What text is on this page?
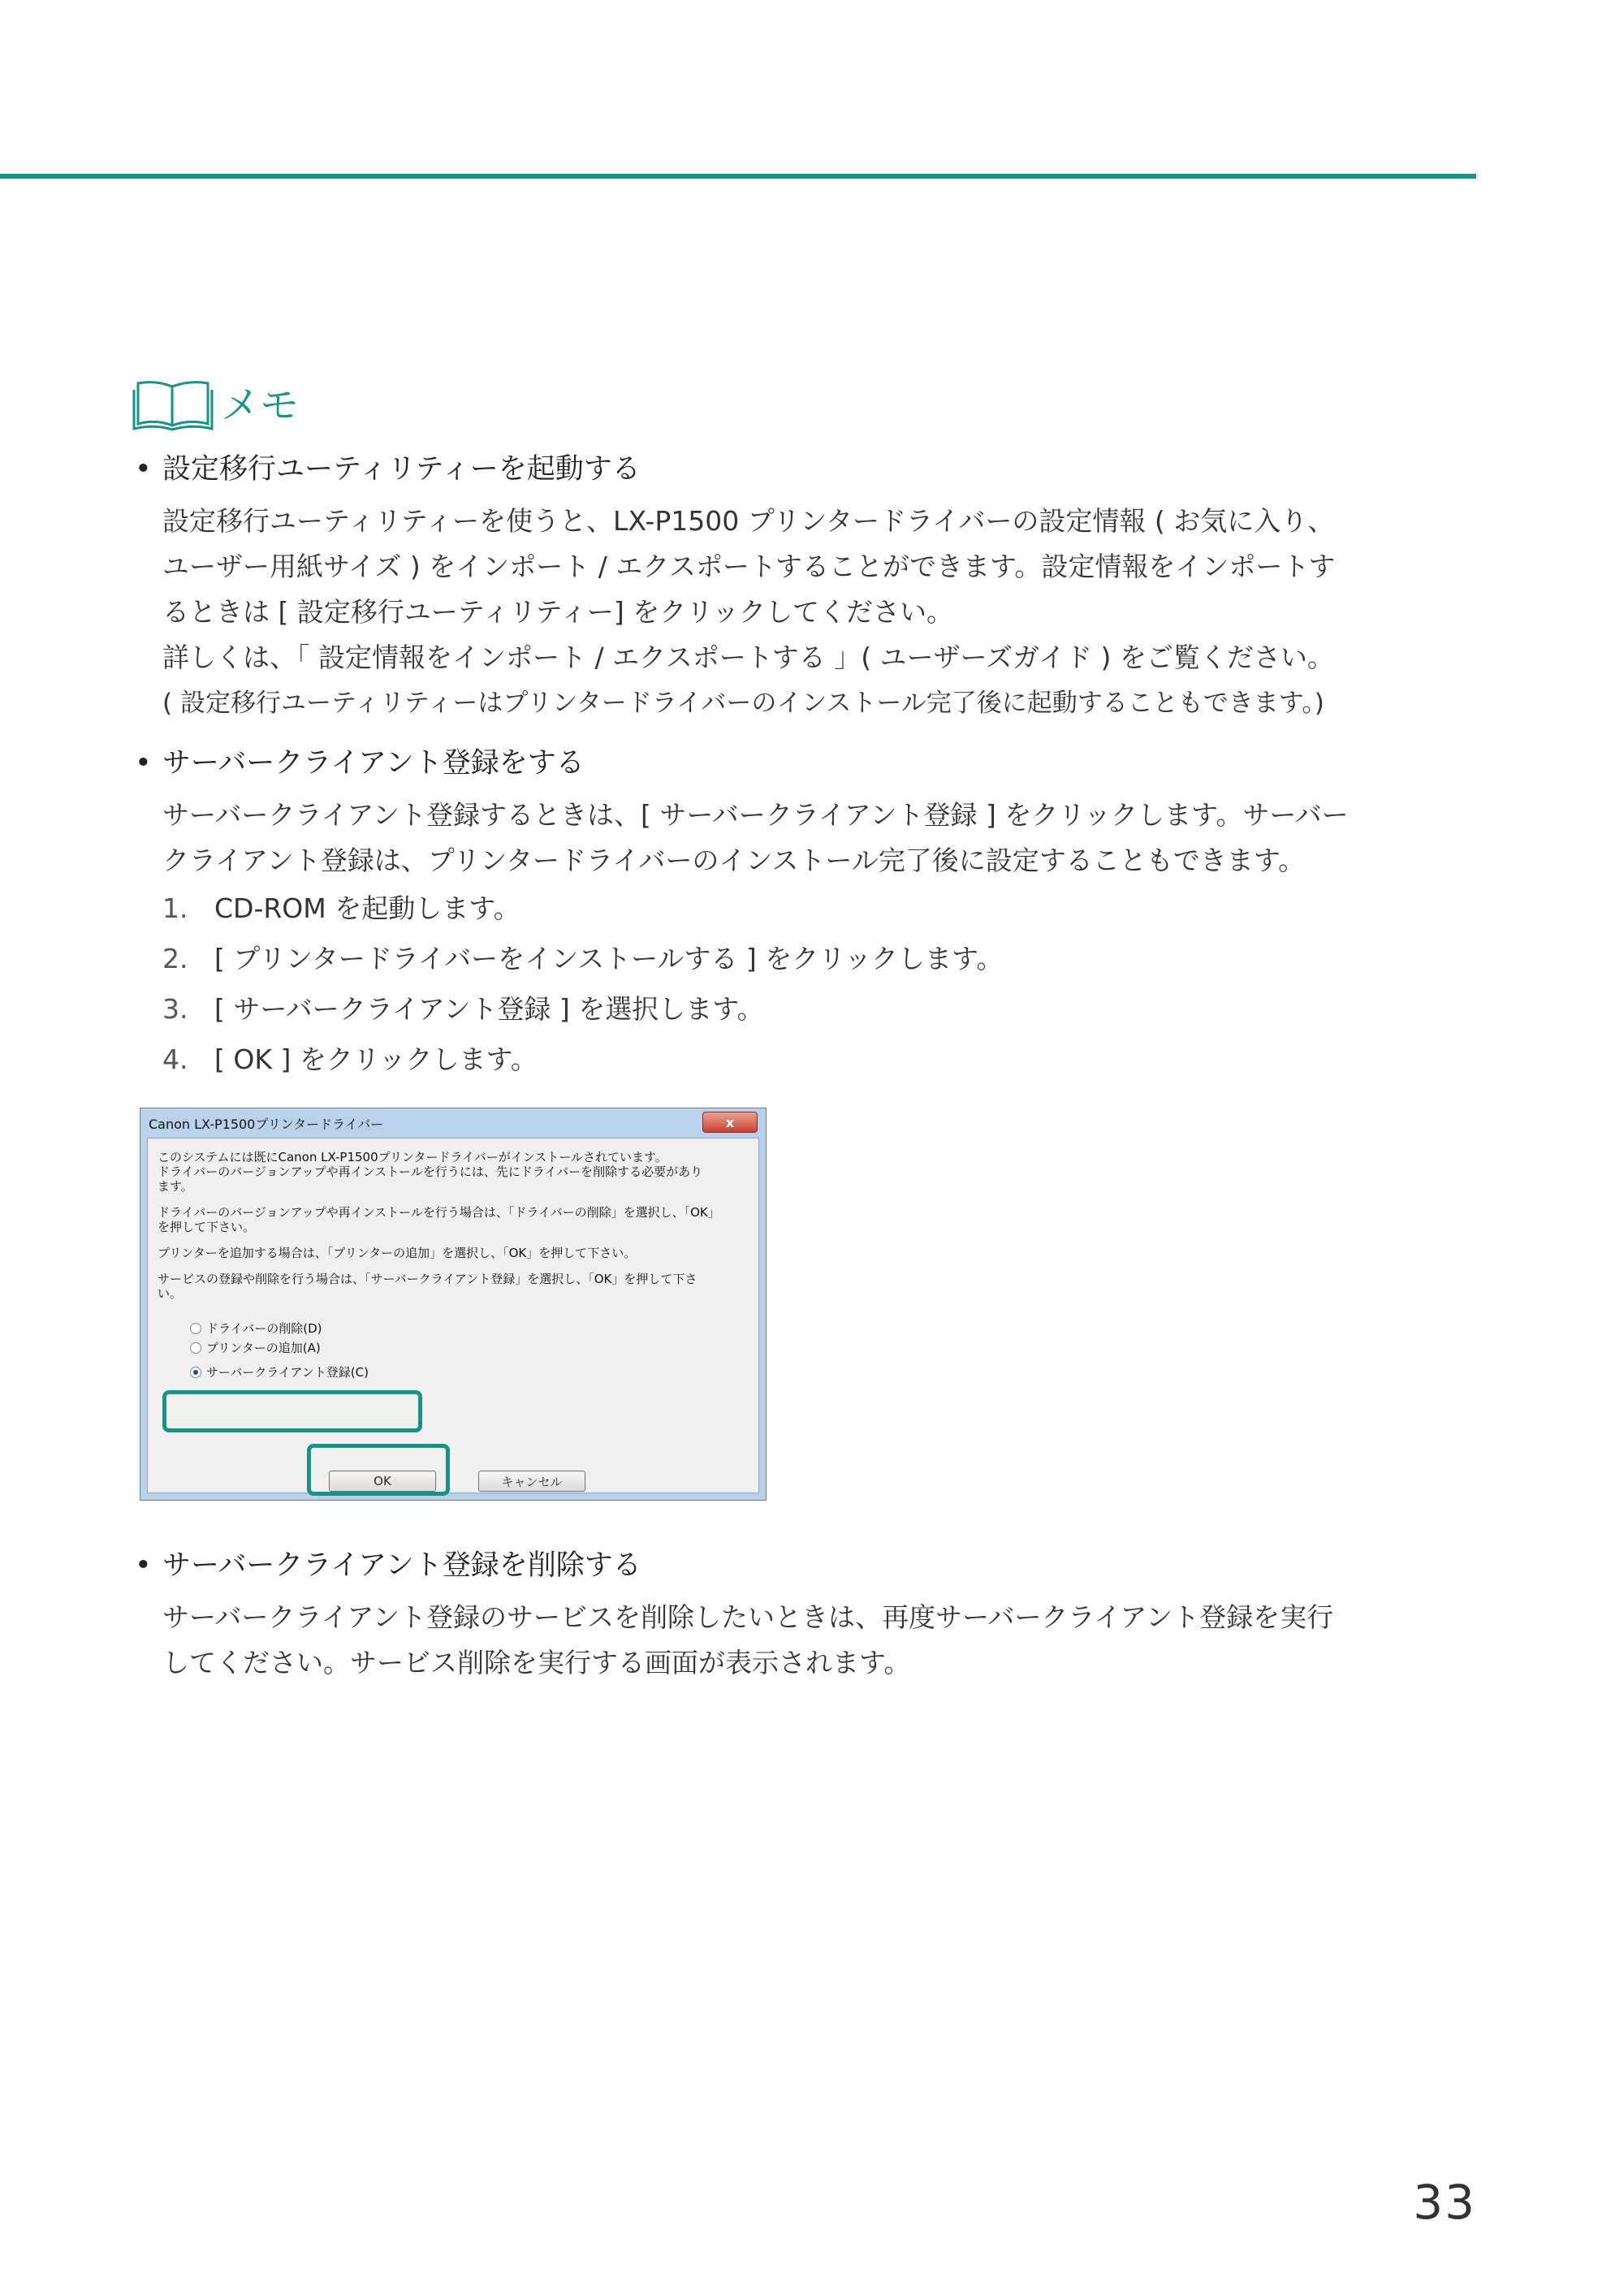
メモ
• 設定移行ユーティリティーを起動する
設定移行ユーティリティーを使うと、LX-P1500 プリンタードライバーの設定情報 ( お気に入り、
ユーザー用紙サイズ ) をインポート / エクスポートすることができます。設定情報をインポートす
るときは [ 設定移行ユーティリティー] をクリックしてください。
詳しくは、「 設定情報をインポート / エクスポートする 」( ユーザーズガイド ) をご覧ください。
( 設定移行ユーティリティーはプリンタードライバーのインストール完了後に起動することもできます。)
• サーバークライアント登録をする
サーバークライアント登録するときは、[ サーバークライアント登録 ] をクリックします。サーバー
クライアント登録は、プリンタードライバーのインストール完了後に設定することもできます。
1. CD-ROM を起動します。
2. [ プリンタードライバーをインストールする ] をクリックします。
3. [ サーバークライアント登録 ] を選択します。
4. [ OK ] をクリックします。
Canon LX-P1500プリンタードライバー	x
このシステムには既にCanon LX-P1500プリンタードライバーがインストールされています。
ドライバーのバージョンアップや再インストールを行うには、先にドライバーを削除する必要があり
ます。
ドライバーのバージョンアップや再インストールを行う場合は、「ドライバーの削除」を選択し、「OK」
を押して下さい。
プリンターを追加する場合は、「プリンターの追加」を選択し、「OK」を押して下さい。
サービスの登録や削除を行う場合は、「サーバークライアント登録」を選択し、「OK」を押して下さ
い。
ドライバーの削除(D)
プリンターの追加(A)
サーバークライアント登録(C)
OK	キャンセル
• サーバークライアント登録を削除する
サーバークライアント登録のサービスを削除したいときは、再度サーバークライアント登録を実行
してください。サービス削除を実行する画面が表示されます。
33
